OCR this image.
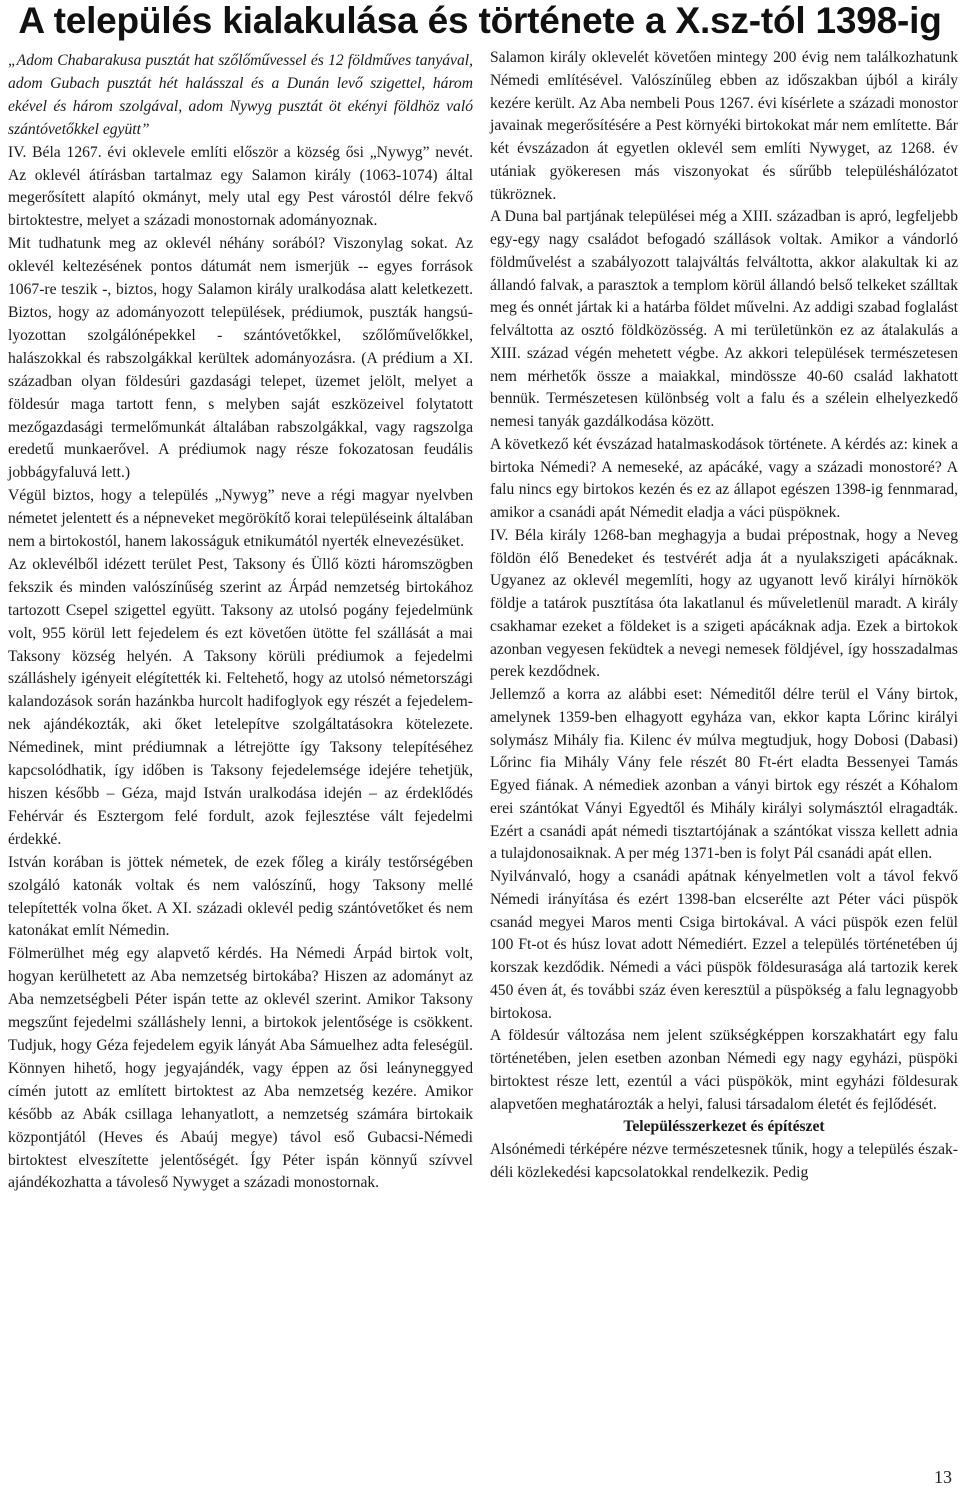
A település kialakulása és története a X.sz-tól 1398-ig

„Adom Chabarakusa pusztát hat szőlőművessel és 12 földműves tanyával, adom Gubach pusztát hét halásszal és a Dunán levő szigettel, három ekével és három szolgával, adom Nywyg pusztát öt ekényi földhöz való szántóvetőkkel együtt”

IV. Béla 1267. évi oklevele említi először a község ősi „Nywyg” nevét. Az oklevél átírásban tartalmaz egy Salamon király (1063-1074) által megerősített alapító okmányt, mely utal egy Pest várostól délre fekvő birtoktestre, melyet a századi monostornak adományoznak.

Mit tudhatunk meg az oklevél néhány sorából? Viszonylag sokat. Az oklevél keltezésének pontos dátumát nem ismerjük -- egyes források 1067-re teszik -, biztos, hogy Salamon király uralkodása alatt keletkezett. Biztos, hogy az adományozott települések, prédiumok, puszták hangsúlyozottan szolgálónépekkel - szántóvetőkkel, szőlőművelőkkel, halászokkal és rabszolgákkal kerültek adományozásra. (A prédium a XI. században olyan földesúri gazdasági telepet, üzemet jelölt, melyet a földesúr maga tartott fenn, s melyben saját eszközeivel folytatott mezőgazdasági termelőmunkát általában rabszolgákkal, vagy ragszolga eredetű munkaerővel. A prédiumok nagy része fokozatosan feudális jobbágyfaluvá lett.)

Végül biztos, hogy a település „Nywyg” neve a régi magyar nyelvben németet jelentett és a népneveket megörökítő korai településeink általában nem a birtokostól, hanem lakosságuk etnikumától nyerték elnevezésüket.

Az oklevélből idézett terület Pest, Taksony és Üllő közti háromszögben fekszik és minden valószínűség szerint az Árpád nemzetség birtokához tartozott Csepel szigettel együtt. Taksony az utolsó pogány fejedelmünk volt, 955 körül lett fejedelem és ezt követően ütötte fel szállását a mai Taksony község helyén. A Taksony körüli prédiumok a fejedelmi szálláshely igényeit elégítették ki. Feltehető, hogy az utolsó németországi kalandozások során hazánkba hurcolt hadifoglyok egy részét a fejedelemnek ajándékozták, aki őket letelepítve szolgáltatásokra kötelezete. Némedinek, mint prédiumnak a létrejötte így Taksony telepítéséhez kapcsolódhatik, így időben is Taksony fejedelemsége idejére tehetjük, hiszen később – Géza, majd István uralkodása idején – az érdeklődés Fehérvár és Esztergom felé fordult, azok fejlesztése vált fejedelmi érdekké.

István korában is jöttek németek, de ezek főleg a király testőrségében szolgáló katonák voltak és nem valószínű, hogy Taksony mellé telepítették volna őket. A XI. századi oklevél pedig szántóvetőket és nem katonákat említ Némedin.

Fölmerülhet még egy alapvető kérdés. Ha Némedi Árpád birtok volt, hogyan kerülhetett az Aba nemzetség birtokába? Hiszen az adományt az Aba nemzetségbeli Péter ispán tette az oklevél szerint. Amikor Taksony megszűnt fejedelmi szálláshely lenni, a birtokok jelentősége is csökkent. Tudjuk, hogy Géza fejedelem egyik lányát Aba Sámuelhez adta feleségül. Könnyen hihető, hogy jegyajándék, vagy éppen az ősi leányneggyed címén jutott az említett birtoktest az Aba nemzetség kezére. Amikor később az Abák csillaga lehanyatlott, a nemzetség számára birtokaik központjától (Heves és Abaúj megye) távol eső Gubacsi-Némedi birtoktest elveszítette jelentőségét. Így Péter ispán könnyű szívvel ajándékozhatta a távoleső Nywyget a századi monostornak.

Salamon király oklevelét követően mintegy 200 évig nem találkozhatunk Némedi említésével. Valószínűleg ebben az időszakban újból a király kezére került. Az Aba nembeli Pous 1267. évi kísérlete a századi monostor javainak megerősítésére a Pest környéki birtokokat már nem említette. Bár két évszázadon át egyetlen oklevél sem említi Nywyget, az 1268. év utániak gyökeresen más viszonyokat és sűrűbb településhálózatot tükröznek.

A Duna bal partjának települései még a XIII. században is apró, legfeljebb egy-egy nagy családot befogadó szállások voltak. Amikor a vándorló földművelést a szabályozott talajváltás felváltotta, akkor alakultak ki az állandó falvak, a parasztok a templom körül állandó belső telkeket szálltak meg és onnét jártak ki a határba földet művelni. Az addigi szabad foglalást felváltotta az osztó földközösség. A mi területünkön ez az átalakulás a XIII. század végén mehetett végbe. Az akkori települések természetesen nem mérhetők össze a maiakkal, mindössze 40-60 család lakhatott bennük. Természetesen különbség volt a falu és a szélein elhelyezkedő nemesi tanyák gazdálkodása között.

A következő két évszázad hatalmaskodások története. A kérdés az: kinek a birtoka Némedi? A nemeseké, az apácáké, vagy a századi monostoré? A falu nincs egy birtokos kezén és ez az állapot egészen 1398-ig fennmarad, amikor a csanádi apát Némedit eladja a váci püspöknek.

IV. Béla király 1268-ban meghagyja a budai prépostnak, hogy a Neveg földön élő Benedeket és testvérét adja át a nyulakszigeti apácáknak. Ugyanez az oklevél megemlíti, hogy az ugyanott levő királyi hírnökök földje a tatárok pusztítása óta lakatlanul és műveletlenül maradt. A király csakhamar ezeket a földeket is a szigeti apácáknak adja. Ezek a birtokok azonban vegyesen feküdtek a nevegi nemesek földjével, így hosszadalmas perek kezdődnek.

Jellemző a korra az alábbi eset: Némeditől délre terül el Vány birtok, amelynek 1359-ben elhagyott egyháza van, ekkor kapta Lőrinc királyi solymász Mihály fia. Kilenc év múlva megtudjuk, hogy Dobosi (Dabasi) Lőrinc fia Mihály Vány fele részét 80 Ft-ért eladta Bessenyei Tamás Egyed fiának. A némediek azonban a ványi birtok egy részét a Kóhalom erei szántókat Ványi Egyedtől és Mihály királyi solymásztól elragadták. Ezért a csanádi apát némedi tisztartójának a szántókat vissza kellett adnia a tulajdonosaiknak. A per még 1371-ben is folyt Pál csanádi apát ellen.

Nyilvánvaló, hogy a csanádi apátnak kényelmetlen volt a távol fekvő Némedi irányítása és ezért 1398-ban elcserélte azt Péter váci püspök csanád megyei Maros menti Csiga birtokával. A váci püspök ezen felül 100 Ft-ot és húsz lovat adott Némediért. Ezzel a település történetében új korszak kezdődik. Némedi a váci püspök földesurasága alá tartozik kerek 450 éven át, és további száz éven keresztül a püspökség a falu legnagyobb birtokosa.

A földesúr változása nem jelent szükségképpen korszakhatárt egy falu történetében, jelen esetben azonban Némedi egy nagy egyházi, püspöki birtoktest része lett, ezentúl a váci püspökök, mint egyházi földesurak alapvetően meghatározták a helyi, falusi társadalom életét és fejlődését.

Településszerkezet és építészet

Alsónémedi térképére nézve természetesnek tűnik, hogy a település észak-déli közlekedési kapcsolatokkal rendelkezik. Pedig

13
